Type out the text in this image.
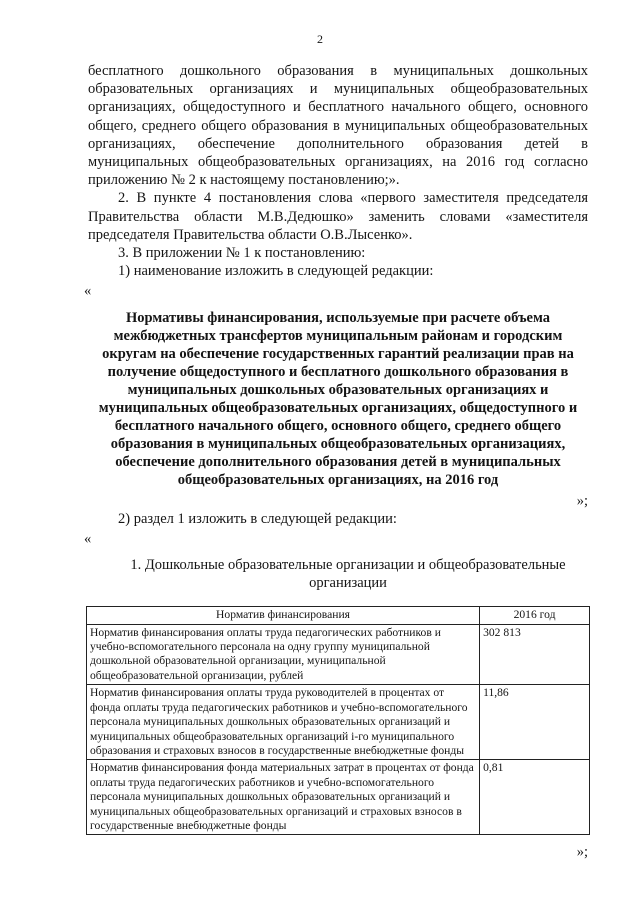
2

бесплатного дошкольного образования в муниципальных дошкольных образовательных организациях и муниципальных общеобразовательных организациях, общедоступного и бесплатного начального общего, основного общего, среднего общего образования в муниципальных общеобразовательных организациях, обеспечение дополнительного образования детей в муниципальных общеобразовательных организациях, на 2016 год согласно приложению № 2 к настоящему постановлению;».

2. В пункте 4 постановления слова «первого заместителя председателя Правительства области М.В.Дедюшко» заменить словами «заместителя председателя Правительства области О.В.Лысенко».

3. В приложении № 1 к постановлению:

1) наименование изложить в следующей редакции:

«
Нормативы финансирования, используемые при расчете объема межбюджетных трансфертов муниципальным районам и городским округам на обеспечение государственных гарантий реализации прав на получение общедоступного и бесплатного дошкольного образования в муниципальных дошкольных образовательных организациях и муниципальных общеобразовательных организациях, общедоступного и бесплатного начального общего, основного общего, среднего общего образования в муниципальных общеобразовательных организациях, обеспечение дополнительного образования детей в муниципальных общеобразовательных организациях, на 2016 год
»;

2) раздел 1 изложить в следующей редакции:

«
1. Дошкольные образовательные организации и общеобразовательные организации
Норматив финансирования	2016 год
Норматив финансирования оплаты труда педагогических работников и учебно-вспомогательного персонала на одну группу муниципальной дошкольной образовательной организации, муниципальной общеобразовательной организации, рублей	302 813
Норматив финансирования оплаты труда руководителей в процентах от фонда оплаты труда педагогических работников и учебно-вспомогательного персонала муниципальных дошкольных образовательных организаций и муниципальных общеобразовательных организаций i-го муниципального образования и страховых взносов в государственные внебюджетные фонды	11,86
Норматив финансирования фонда материальных затрат в процентах от фонда оплаты труда педагогических работников и учебно-вспомогательного персонала муниципальных дошкольных образовательных организаций и муниципальных общеобразовательных организаций и страховых взносов в государственные внебюджетные фонды	0,81
»;
